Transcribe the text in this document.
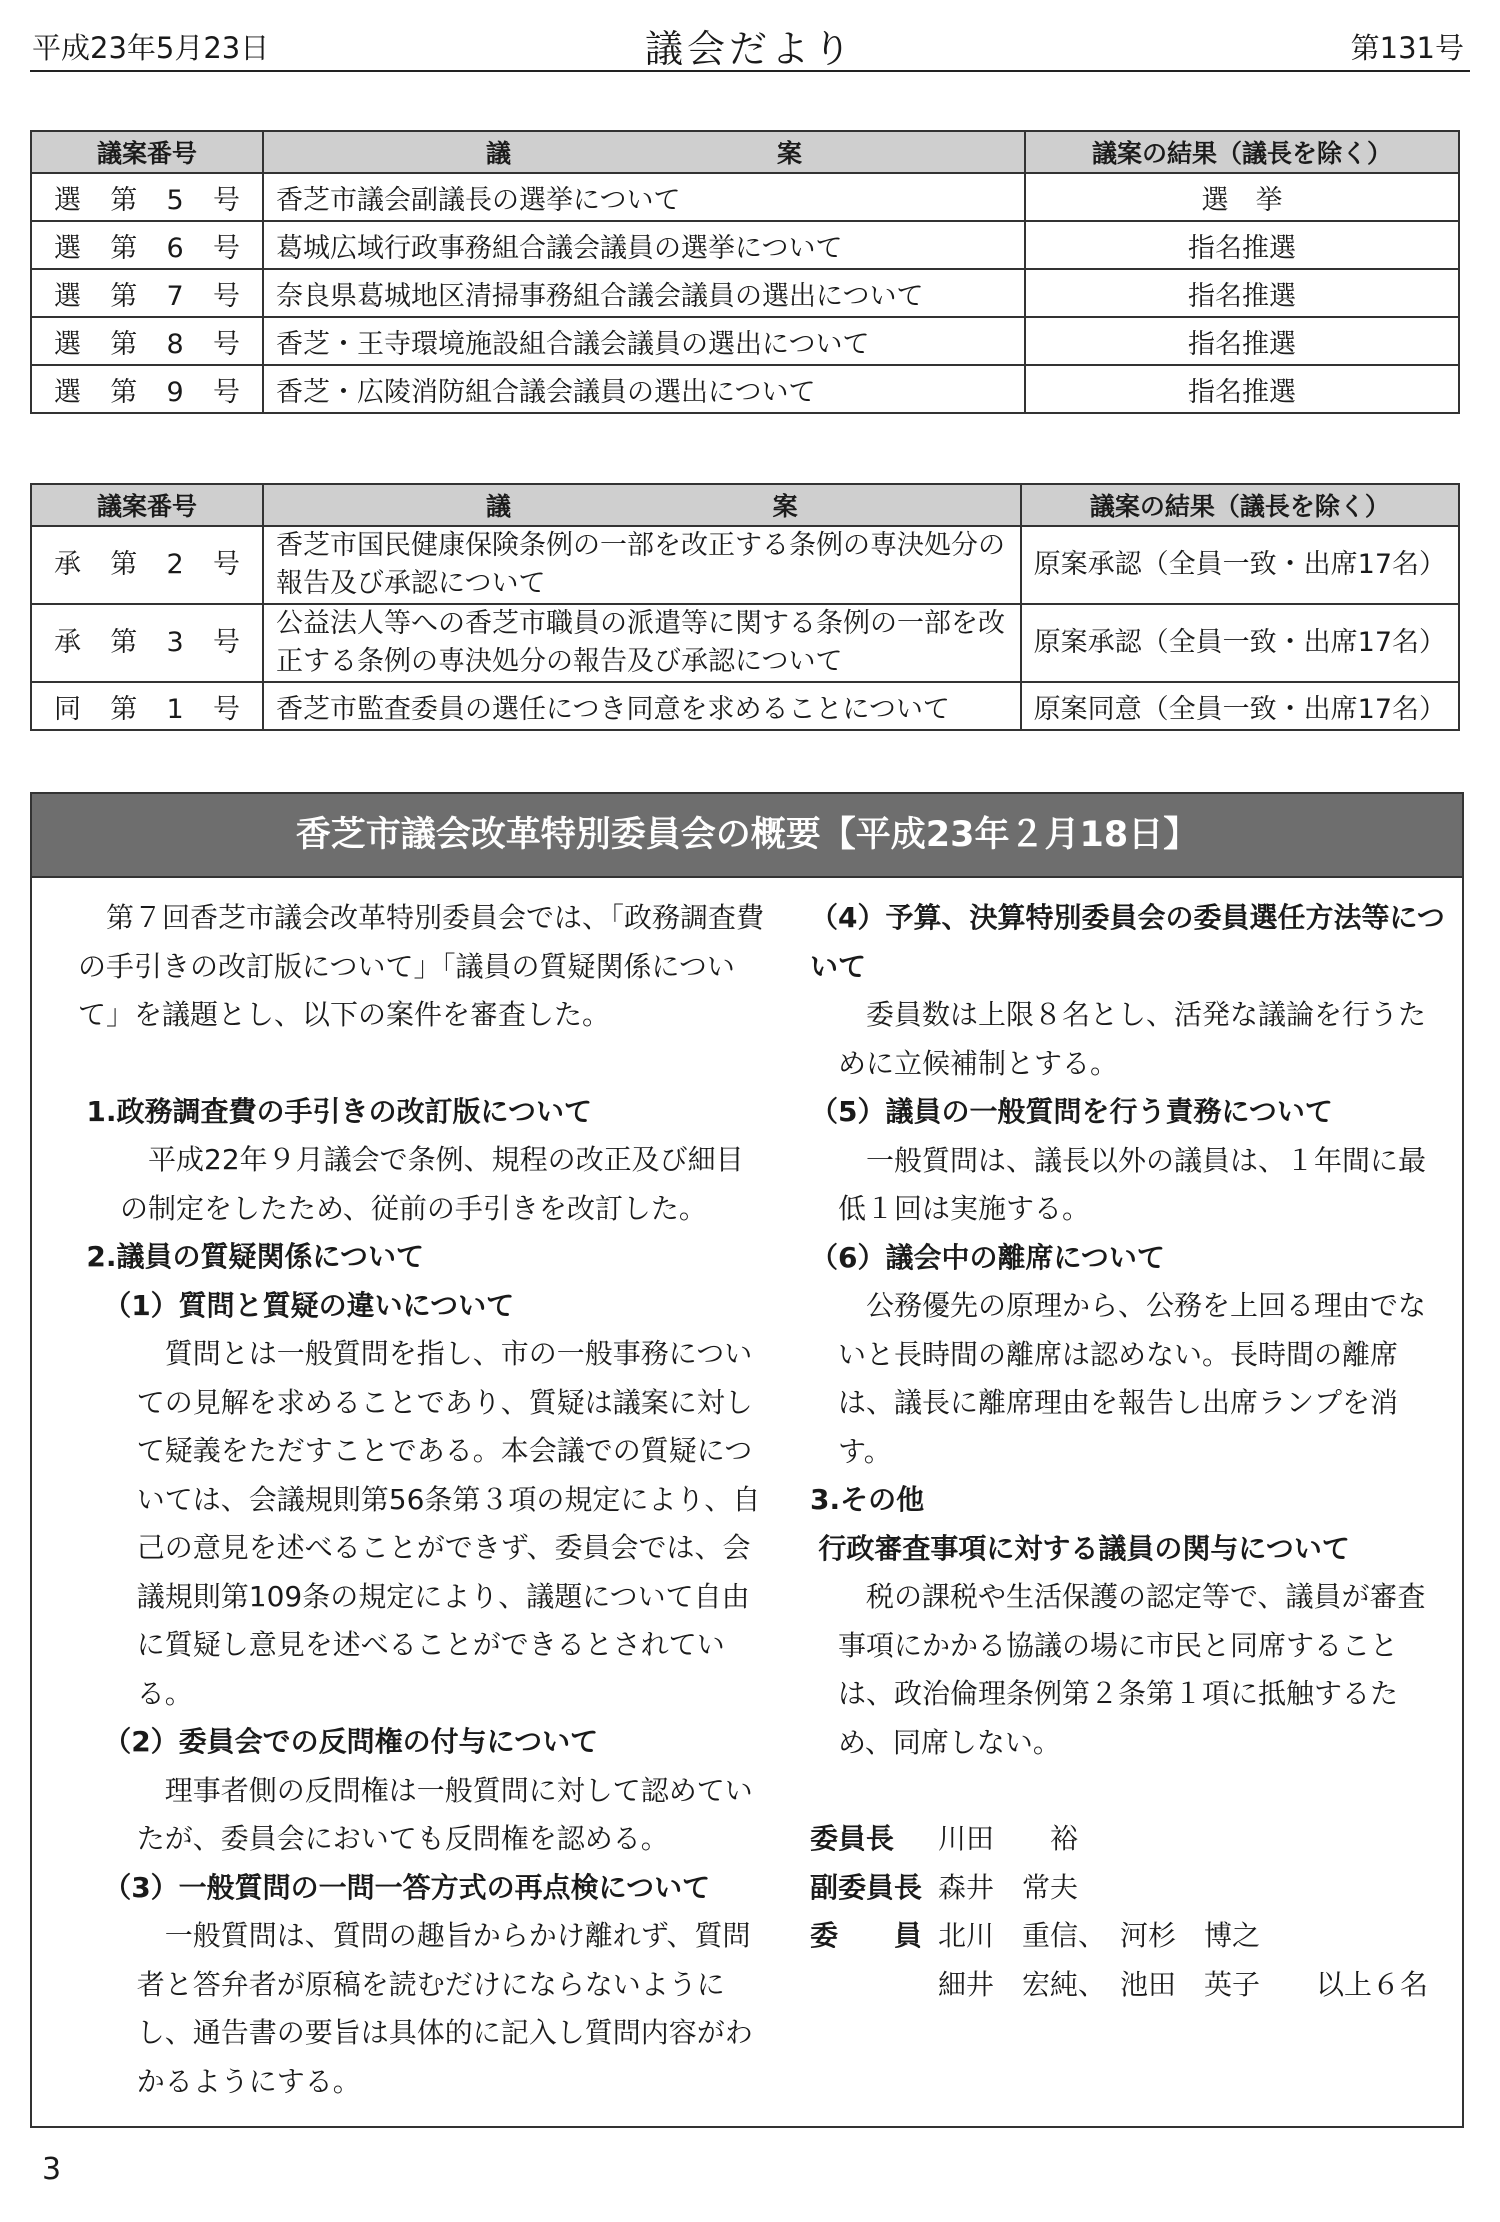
平成23年5月23日	議会だより	第131号
議案番号	議 案	議案の結果（議長を除く）
選第5号	香芝市議会副議長の選挙について	選　挙
選第6号	葛城広域行政事務組合議会議員の選挙について	指名推選
選第7号	奈良県葛城地区清掃事務組合議会議員の選出について	指名推選
選第8号	香芝・王寺環境施設組合議会議員の選出について	指名推選
選第9号	香芝・広陵消防組合議会議員の選出について	指名推選
議案番号	議 案	議案の結果（議長を除く）
承第2号	香芝市国民健康保険条例の一部を改正する条例の専決処分の報告及び承認について	原案承認（全員一致・出席17名）
承第3号	公益法人等への香芝市職員の派遣等に関する条例の一部を改正する条例の専決処分の報告及び承認について	原案承認（全員一致・出席17名）
同第1号	香芝市監査委員の選任につき同意を求めることについて	原案同意（全員一致・出席17名）
香芝市議会改革特別委員会の概要【平成23年２月18日】

第７回香芝市議会改革特別委員会では、「政務調査費の手引きの改訂版について」「議員の質疑関係について」を議題とし、以下の案件を審査した。

1.政務調査費の手引きの改訂版について

平成22年９月議会で条例、規程の改正及び細目の制定をしたため、従前の手引きを改訂した。

2.議員の質疑関係について

（1）質問と質疑の違いについて

質問とは一般質問を指し、市の一般事務についての見解を求めることであり、質疑は議案に対して疑義をただすことである。本会議での質疑については、会議規則第56条第３項の規定により、自己の意見を述べることができず、委員会では、会議規則第109条の規定により、議題について自由に質疑し意見を述べることができるとされている。

（2）委員会での反問権の付与について

理事者側の反問権は一般質問に対して認めていたが、委員会においても反問権を認める。

（3）一般質問の一問一答方式の再点検について

一般質問は、質問の趣旨からかけ離れず、質問者と答弁者が原稿を読むだけにならないようにし、通告書の要旨は具体的に記入し質問内容がわかるようにする。

（4）予算、決算特別委員会の委員選任方法等について

委員数は上限８名とし、活発な議論を行うために立候補制とする。

（5）議員の一般質問を行う責務について

一般質問は、議長以外の議員は、１年間に最低１回は実施する。

（6）議会中の離席について

公務優先の原理から、公務を上回る理由でないと長時間の離席は認めない。長時間の離席は、議長に離席理由を報告し出席ランプを消す。

3.その他

行政審査事項に対する議員の関与について

税の課税や生活保護の認定等で、議員が審査事項にかかる協議の場に市民と同席することは、政治倫理条例第２条第１項に抵触するため、同席しない。

委員長	川田　　裕
副委員長 森井　常夫
委　　員 北川　重信、　河杉　博之
細井　宏純、　池田　英子　　以上６名
3
